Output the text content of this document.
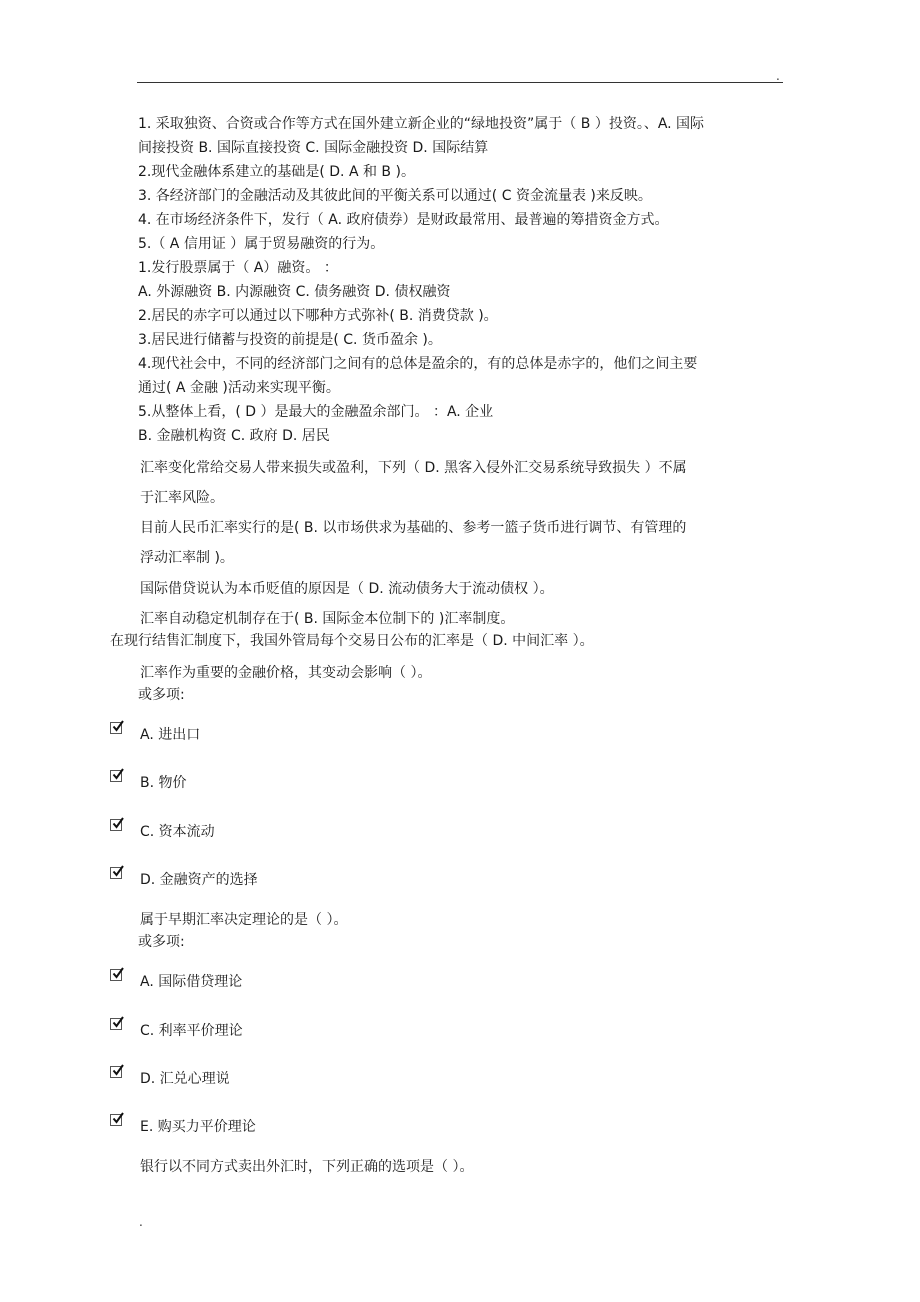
.
1. 采取独资、合资或合作等方式在国外建立新企业的“绿地投资”属于（ B ）投资。、A. 国际
间接投资 B. 国际直接投资 C. 国际金融投资 D. 国际结算
2.现代金融体系建立的基础是( D. A 和 B )。
3. 各经济部门的金融活动及其彼此间的平衡关系可以通过( C 资金流量表 )来反映。
4. 在市场经济条件下，发行（ A. 政府债券）是财政最常用、最普遍的筹措资金方式。
5.（ A 信用证 ）属于贸易融资的行为。
1.发行股票属于（ A）融资。 ：
A. 外源融资 B. 内源融资 C. 债务融资 D. 债权融资
2.居民的赤字可以通过以下哪种方式弥补( B. 消费贷款 )。
3.居民进行储蓄与投资的前提是( C. 货币盈余 )。
4.现代社会中，不同的经济部门之间有的总体是盈余的，有的总体是赤字的，他们之间主要
通过( A 金融 )活动来实现平衡。
5.从整体上看，( D ）是最大的金融盈余部门。 ：A. 企业
B. 金融机构资 C. 政府 D. 居民
汇率变化常给交易人带来损失或盈利，下列（ D. 黑客入侵外汇交易系统导致损失 ）不属
于汇率风险。
目前人民币汇率实行的是( B. 以市场供求为基础的、参考一篮子货币进行调节、有管理的
浮动汇率制 )。
国际借贷说认为本币贬值的原因是（ D. 流动债务大于流动债权 ）。
汇率自动稳定机制存在于( B. 国际金本位制下的 )汇率制度。
在现行结售汇制度下，我国外管局每个交易日公布的汇率是（ D. 中间汇率 ）。
汇率作为重要的金融价格，其变动会影响（ ）。
或多项:
A. 进出口
B. 物价
C. 资本流动
D. 金融资产的选择
属于早期汇率决定理论的是（ ）。
或多项:
A. 国际借贷理论
C. 利率平价理论
D. 汇兑心理说
E. 购买力平价理论
银行以不同方式卖出外汇时，下列正确的选项是（ ）。
.
